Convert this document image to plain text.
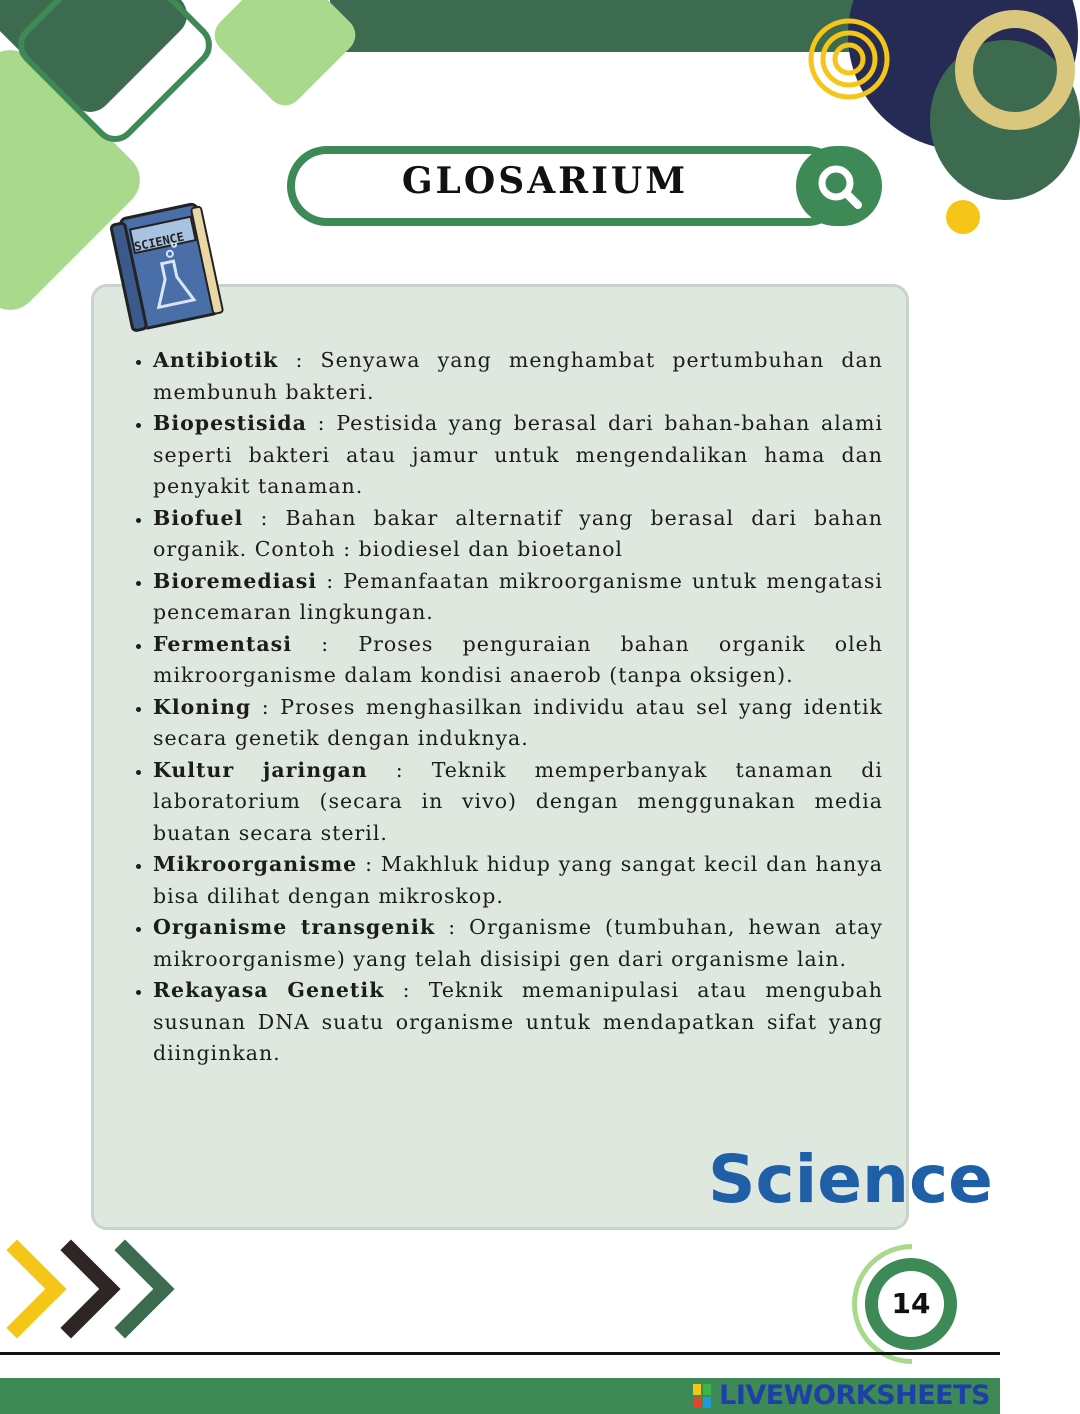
GLOSARIUM
SCIENCE
• Antibiotik : Senyawa yang menghambat pertumbuhan dan membunuh bakteri.
• Biopestisida : Pestisida yang berasal dari bahan-bahan alami seperti bakteri atau jamur untuk mengendalikan hama dan penyakit tanaman.
• Biofuel : Bahan bakar alternatif yang berasal dari bahan organik. Contoh : biodiesel dan bioetanol
• Bioremediasi : Pemanfaatan mikroorganisme untuk mengatasi pencemaran lingkungan.
• Fermentasi : Proses penguraian bahan organik oleh mikroorganisme dalam kondisi anaerob (tanpa oksigen).
• Kloning : Proses menghasilkan individu atau sel yang identik secara genetik dengan induknya.
• Kultur jaringan : Teknik memperbanyak tanaman di laboratorium (secara in vivo) dengan menggunakan media buatan secara steril.
• Mikroorganisme : Makhluk hidup yang sangat kecil dan hanya bisa dilihat dengan mikroskop.
• Organisme transgenik : Organisme (tumbuhan, hewan atay mikroorganisme) yang telah disisipi gen dari organisme lain.
• Rekayasa Genetik : Teknik memanipulasi atau mengubah susunan DNA suatu organisme untuk mendapatkan sifat yang diinginkan.
Science
14
LIVEWORKSHEETS
